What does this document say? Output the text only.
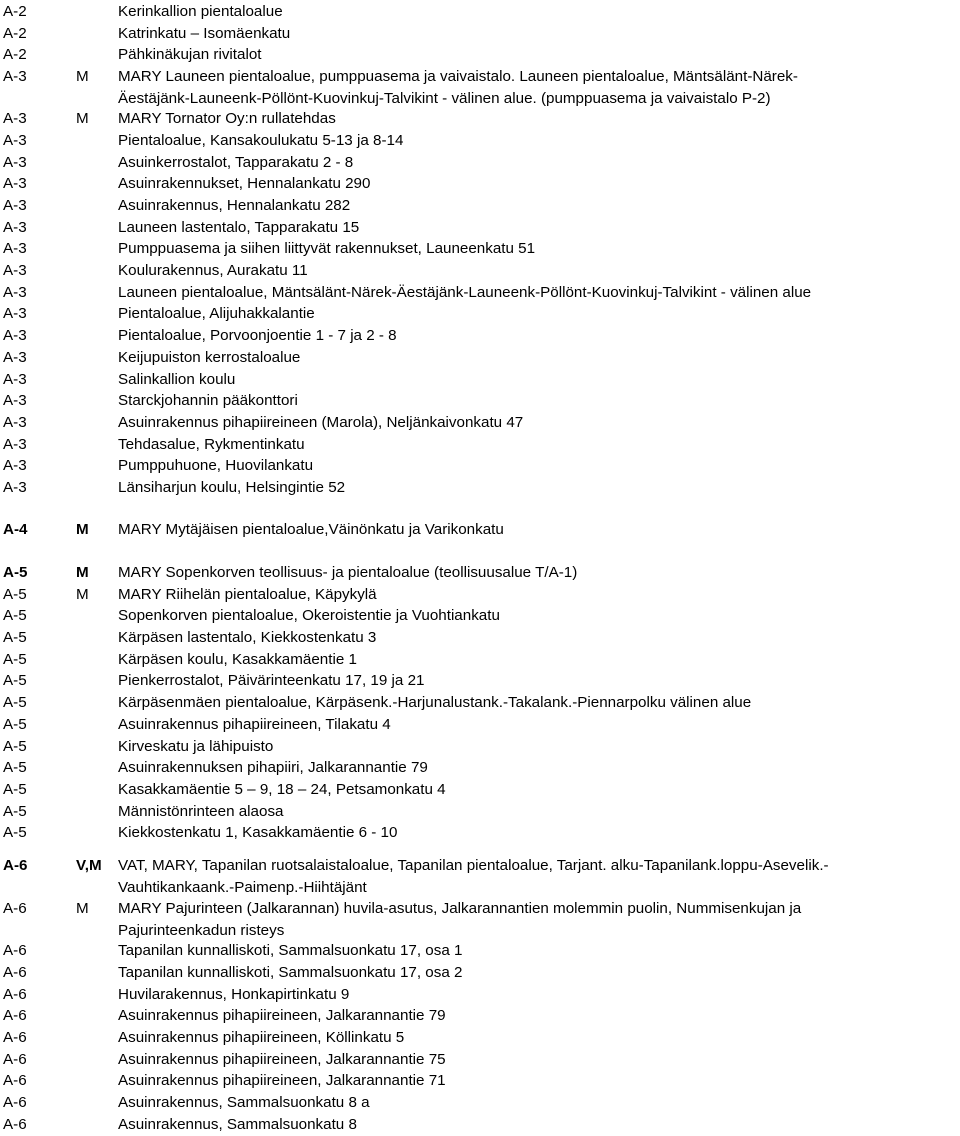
A-2	Kerinkallion pientaloalue
A-2	Katrinkatu – Isomäenkatu
A-2	Pähkinäkujan rivitalot
A-3	M MARY Launeen pientaloalue, pumppuasema ja vaivaistalo. Launeen pientaloalue, Mäntsälänt-Närek-
Äestäjänk-Launeenk-Pöllönt-Kuovinkuj-Talvikint - välinen alue. (pumppuasema ja vaivaistalo P-2)
A-3	M MARY Tornator Oy:n rullatehdas
A-3	Pientaloalue, Kansakoulukatu 5-13 ja 8-14
A-3	Asuinkerrostalot, Tapparakatu 2 - 8
A-3	Asuinrakennukset, Hennalankatu 290
A-3	Asuinrakennus, Hennalankatu 282
A-3	Launeen lastentalo, Tapparakatu 15
A-3	Pumppuasema ja siihen liittyvät rakennukset, Launeenkatu 51
A-3	Koulurakennus, Aurakatu 11
A-3	Launeen pientaloalue, Mäntsälänt-Närek-Äestäjänk-Launeenk-Pöllönt-Kuovinkuj-Talvikint - välinen alue
A-3	Pientaloalue, Alijuhakkalantie
A-3	Pientaloalue, Porvoonjoentie 1 - 7 ja 2 - 8
A-3	Keijupuiston kerrostaloalue
A-3	Salinkallion koulu
A-3	Starckjohannin pääkonttori
A-3	Asuinrakennus pihapiireineen (Marola), Neljänkaivonkatu 47
A-3	Tehdasalue, Rykmentinkatu
A-3	Pumppuhuone, Huovilankatu
A-3	Länsiharjun koulu, Helsingintie 52
A-4	M MARY Mytäjäisen pientaloalue,Väinönkatu ja Varikonkatu
A-5	M MARY Sopenkorven teollisuus- ja pientaloalue (teollisuusalue T/A-1)
A-5	M MARY Riihelän pientaloalue, Käpykylä
A-5	Sopenkorven pientaloalue, Okeroistentie ja Vuohtiankatu
A-5	Kärpäsen lastentalo, Kiekkostenkatu 3
A-5	Kärpäsen koulu, Kasakkamäentie 1
A-5	Pienkerrostalot, Päivärinteenkatu 17, 19 ja 21
A-5	Kärpäsenmäen pientaloalue, Kärpäsenk.-Harjunalustank.-Takalank.-Piennarpolku välinen alue
A-5	Asuinrakennus pihapiireineen, Tilakatu 4
A-5	Kirveskatu ja lähipuisto
A-5	Asuinrakennuksen pihapiiri, Jalkarannantie 79
A-5	Kasakkamäentie 5 – 9, 18 – 24, Petsamonkatu 4
A-5	Männistönrinteen alaosa
A-5	Kiekkostenkatu 1, Kasakkamäentie 6 - 10
A-6	V,M VAT, MARY, Tapanilan ruotsalaistaloalue, Tapanilan pientaloalue, Tarjant. alku-Tapanilank.loppu-Asevelik.-
Vauhtikankaank.-Paimenp.-Hiihtäjänt
A-6	M MARY Pajurinteen (Jalkarannan) huvila-asutus, Jalkarannantien molemmin puolin, Nummisenkujan ja
Pajurinteenkadun risteys
A-6	Tapanilan kunnalliskoti, Sammalsuonkatu 17, osa 1
A-6	Tapanilan kunnalliskoti, Sammalsuonkatu 17, osa 2
A-6	Huvilarakennus, Honkapirtinkatu 9
A-6	Asuinrakennus pihapiireineen, Jalkarannantie 79
A-6	Asuinrakennus pihapiireineen, Köllinkatu 5
A-6	Asuinrakennus pihapiireineen, Jalkarannantie 75
A-6	Asuinrakennus pihapiireineen, Jalkarannantie 71
A-6	Asuinrakennus, Sammalsuonkatu 8 a
A-6	Asuinrakennus, Sammalsuonkatu 8
